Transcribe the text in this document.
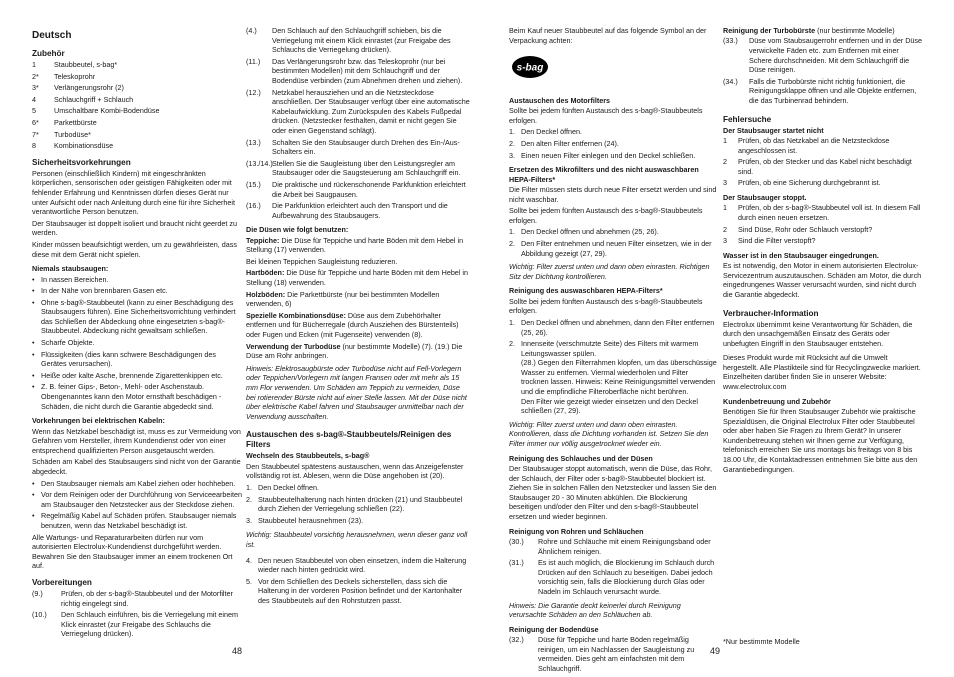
Deutsch
Zubehör
1	Staubbeutel, s-bag*
2*	Teleskoprohr
3*	Verlängerungsrohr (2)
4	Schlauchgriff + Schlauch
5	Umschaltbare Kombi-Bodendüse
6*	Parkettbürste
7*	Turbodüse*
8	Kombinationsdüse
Sicherheitsvorkehrungen

Personen (einschließlich Kindern) mit eingeschränkten körperlichen, sensorischen oder geistigen Fähigkeiten oder mit fehlender Erfahrung und Kenntnissen dürfen dieses Gerät nur unter Aufsicht oder nach Anleitung durch eine für ihre Sicherheit verantwortliche Person benutzen.

Der Staubsauger ist doppelt isoliert und braucht nicht geerdet zu werden.

Kinder müssen beaufsichtigt werden, um zu gewährleisten, dass diese mit dem Gerät nicht spielen.

Niemals staubsaugen:
• In nassen Bereichen.
• In der Nähe von brennbaren Gasen etc.
• Ohne s-bag®-Staubbeutel (kann zu einer Beschädigung des Staubsaugers führen). Eine Sicherheitsvorrichtung verhindert das Schließen der Abdeckung ohne eingesetzten s-bag®-Staubbeutel. Abdeckung nicht gewaltsam schließen.
• Scharfe Objekte.
• Flüssigkeiten (dies kann schwere Beschädigungen des Gerätes verursachen).
• Heiße oder kalte Asche, brennende Zigarettenkippen etc.
• Z. B. feiner Gips-, Beton-, Mehl- oder Aschenstaub. Obengenanntes kann den Motor ernsthaft beschädigen - Schäden, die nicht durch die Garantie abgedeckt sind.
Vorkehrungen bei elektrischen Kabeln:

Wenn das Netzkabel beschädigt ist, muss es zur Vermeidung von Gefahren vom Hersteller, ihrem Kundendienst oder von einer entsprechend qualifizierten Person ausgetauscht werden.

Schäden am Kabel des Staubsaugers sind nicht von der Garantie abgedeckt.

• Den Staubsauger niemals am Kabel ziehen oder hochheben.
• Vor dem Reinigen oder der Durchführung von Serviceearbeiten am Staubsauger den Netzstecker aus der Steckdose ziehen.
• Regelmäßig Kabel auf Schäden prüfen. Staubsauger niemals benutzen, wenn das Netzkabel beschädigt ist.

Alle Wartungs- und Reparaturarbeiten dürfen nur vom autorisierten Electrolux-Kundendienst durchgeführt werden. Bewahren Sie den Staubsauger immer an einem trockenen Ort auf.

Vorbereitungen
(9.)	Prüfen, ob der s-bag®-Staubbeutel und der Motorfilter richtig eingelegt sind.
(10.)	Den Schlauch einführen, bis die Verriegelung mit einem Klick einrastet (zur Freigabe des Schlauchs die Verriegelung drücken).
(4.)	Den Schlauch auf den Schlauchgriff schieben, bis die Verriegelung mit einem Klick einrastet (zur Freigabe des Schlauchs die Verriegelung drücken).
(11.)	Das Verlängerungsrohr bzw. das Teleskoprohr (nur bei bestimmten Modellen) mit dem Schlauchgriff und der Bodendüse verbinden (zum Abnehmen drehen und ziehen).
(12.)	Netzkabel herausziehen und an die Netzsteckdose anschließen. Der Staubsauger verfügt über eine automatische Kabelaufwicklung. Zum Zurückspulen des Kabels Fußpedal drücken. (Netzstecker festhalten, damit er nicht gegen Sie oder einen Gegenstand schlägt).
(13.)	Schalten Sie den Staubsauger durch Drehen des Ein-/Aus-Schalters ein.
(13./14.) Stellen Sie die Saugleistung über den Leistungsregler am Staubsauger oder die Saugsteuerung am Schlauchgriff ein.
(15.)	Die praktische und rückenschonende Parkfunktion erleichtert die Arbeit bei Saugpausen.
(16.)	Die Parkfunktion erleichtert auch den Transport und die Aufbewahrung des Staubsaugers.
Die Düsen wie folgt benutzen:

Teppiche: Die Düse für Teppiche und harte Böden mit dem Hebel in Stellung (17) verwenden.

Bei kleinen Teppichen Saugleistung reduzieren.

Hartböden: Die Düse für Teppiche und harte Böden mit dem Hebel in Stellung (18) verwenden.

Holzböden: Die Parkettbürste (nur bei bestimmten Modellen verwenden, 6)

Spezielle Kombinationsdüse: Düse aus dem Zubehörhalter entfernen und für Bücherregale (durch Ausziehen des Bürstenteils) oder Fugen und Ecken (mit Fugenseite) verwenden (8).

Verwendung der Turbodüse (nur bestimmte Modelle) (7). (19.) Die Düse am Rohr anbringen.

Hinweis: Elektrosaugbürste oder Turbodüse nicht auf Fell-Vorlegern oder Teppichen/Vorlegern mit langen Fransen oder mit mehr als 15 mm Flor verwenden. Um Schäden am Teppich zu vermeiden, Düse bei rotierender Bürste nicht auf einer Stelle lassen. Mit der Düse nicht über elektrische Kabel fahren und Staubsauger unmittelbar nach der Verwendung ausschalten.

Austauschen des s-bag®-Staubbeutels/Reinigen des Filters
Wechseln des Staubbeutels, s-bag®

Den Staubbeutel spätestens austauschen, wenn das Anzeigefenster vollständig rot ist. Ablesen, wenn die Düse angehoben ist (20).

1. Den Deckel öffnen.
2. Staubbeutelhalterung nach hinten drücken (21) und Staubbeutel durch Ziehen der Verriegelung schließen (22).
3. Staubbeutel herausnehmen (23).

Wichtig: Staubbeutel vorsichtig herausnehmen, wenn dieser ganz voll ist.

4. Den neuen Staubbeutel von oben einsetzen, indem die Halterung wieder nach hinten gedrückt wird.
5. Vor dem Schließen des Deckels sicherstellen, dass sich die Halterung in der vorderen Position befindet und der Kartonhalter des Staubbeutels auf den Rohrstutzen passt.

Beim Kauf neuer Staubbeutel auf das folgende Symbol an der Verpackung achten:

s-bag
Austauschen des Motorfilters

Sollte bei jedem fünften Austausch des s-bag®-Staubbeutels erfolgen.

1. Den Deckel öffnen.
2. Den alten Filter entfernen (24).
3. Einen neuen Filter einlegen und den Deckel schließen.
Ersetzen des Mikrofilters und des nicht auswaschbaren HEPA-Filters*

Die Filter müssen stets durch neue Filter ersetzt werden und sind nicht waschbar.

Sollte bei jedem fünften Austausch des s-bag®-Staubbeutels erfolgen.

1. Den Deckel öffnen und abnehmen (25, 26).
2. Den Filter entnehmen und neuen Filter einsetzen, wie in der Abbildung gezeigt (27, 29).

Wichtig: Filter zuerst unten und dann oben einrasten. Richtigen Sitz der Dichtung kontrollieren.

Reinigung des auswaschbaren HEPA-Filters*

Sollte bei jedem fünften Austausch des s-bag®-Staubbeutels erfolgen.

1. Den Deckel öffnen und abnehmen, dann den Filter entfernen (25, 26).
2. Innenseite (verschmutzte Seite) des Filters mit warmem Leitungswasser spülen.
(28.) Gegen den Filterrahmen klopfen, um das überschüssige Wasser zu entfernen. Viermal wiederholen und Filter trocknen lassen. Hinweis: Keine Reinigungsmittel verwenden und die empfindliche Filteroberfläche nicht berühren.
Den Filter wie gezeigt wieder einsetzen und den Deckel schließen (27, 29).

Wichtig: Filter zuerst unten und dann oben einrasten. Kontrollieren, dass die Dichtung vorhanden ist. Setzen Sie den Filter immer nur völlig ausgetrocknet wieder ein.

Reinigung des Schlauches und der Düsen

Der Staubsauger stoppt automatisch, wenn die Düse, das Rohr, der Schlauch, der Filter oder s-bag®-Staubbeutel blockiert ist. Ziehen Sie in solchen Fällen den Netzstecker und lassen Sie den Staubsauger 20 - 30 Minuten abkühlen. Die Blockierung beseitigen und/oder den Filter und den s-bag®-Staubbeutel ersetzen und wieder beginnen.

Reinigung von Rohren und Schläuchen
(30.)	Rohre und Schläuche mit einem Reinigungsband oder Ähnlichem reinigen.
(31.)	Es ist auch möglich, die Blockierung im Schlauch durch Drücken auf den Schlauch zu beseitigen. Dabei jedoch vorsichtig sein, falls die Blockierung durch Glas oder Nadeln im Schlauch verursacht wurde.

Hinweis: Die Garantie deckt keinerlei durch Reinigung verursachte Schäden an den Schläuchen ab.

Reinigung der Bodendüse
(32.)	Düse für Teppiche und harte Böden regelmäßig reinigen, um ein Nachlassen der Saugleistung zu vermeiden. Dies geht am einfachsten mit dem Schlauchgriff.
Reinigung der Turbobürste (nur bestimmte Modelle)
(33.)	Düse vom Staubsaugerrohr entfernen und in der Düse verwickelte Fäden etc. zum Entfernen mit einer Schere durchschneiden. Mit dem Schlauchgriff die Düse reinigen.
(34.)	Falls die Turbobürste nicht richtig funktioniert, die Reinigungsklappe öffnen und alle Objekte entfernen, die das Turbinenrad behindern.
Fehlersuche
Der Staubsauger startet nicht
1	Prüfen, ob das Netzkabel an die Netzsteckdose angeschlossen ist.
2	Prüfen, ob der Stecker und das Kabel nicht beschädigt sind.
3	Prüfen, ob eine Sicherung durchgebrannt ist.
Der Staubsauger stoppt.
1	Prüfen, ob der s-bag®-Staubbeutel voll ist. In diesem Fall durch einen neuen ersetzen.
2	Sind Düse, Rohr oder Schlauch verstopft?
3	Sind die Filter verstopft?
Wasser ist in den Staubsauger eingedrungen.

Es ist notwendig, den Motor in einem autorisierten Electrolux-Servicezentrum auszutauschen. Schäden am Motor, die durch eingedrungenes Wasser verursacht wurden, sind nicht durch die Garantie abgedeckt.

Verbraucher-Information

Electrolux übernimmt keine Verantwortung für Schäden, die durch den unsachgemäßen Einsatz des Geräts oder unbefugten Eingriff in den Staubsauger entstehen.

Dieses Produkt wurde mit Rücksicht auf die Umwelt hergestellt. Alle Plastikteile sind für Recyclingzwecke markiert. Einzelheiten darüber finden Sie in unserer Website: www.electrolux.com

Kundenbetreuung und Zubehör

Benötigen Sie für Ihren Staubsauger Zubehör wie praktische Spezialdüsen, die Original Electrolux Filter oder Staubbeutel oder aber haben Sie Fragen zu Ihrem Gerät? In unserer Kundenbetreuung stehen wir Ihnen gerne zur Verfügung, telefonisch erreichen Sie uns montags bis freitags von 8 bis 18.00 Uhr, die Kontaktadressen entnehmen Sie bitte aus den Garantiebedingungen.

48	49
*Nur bestimmte Modelle
